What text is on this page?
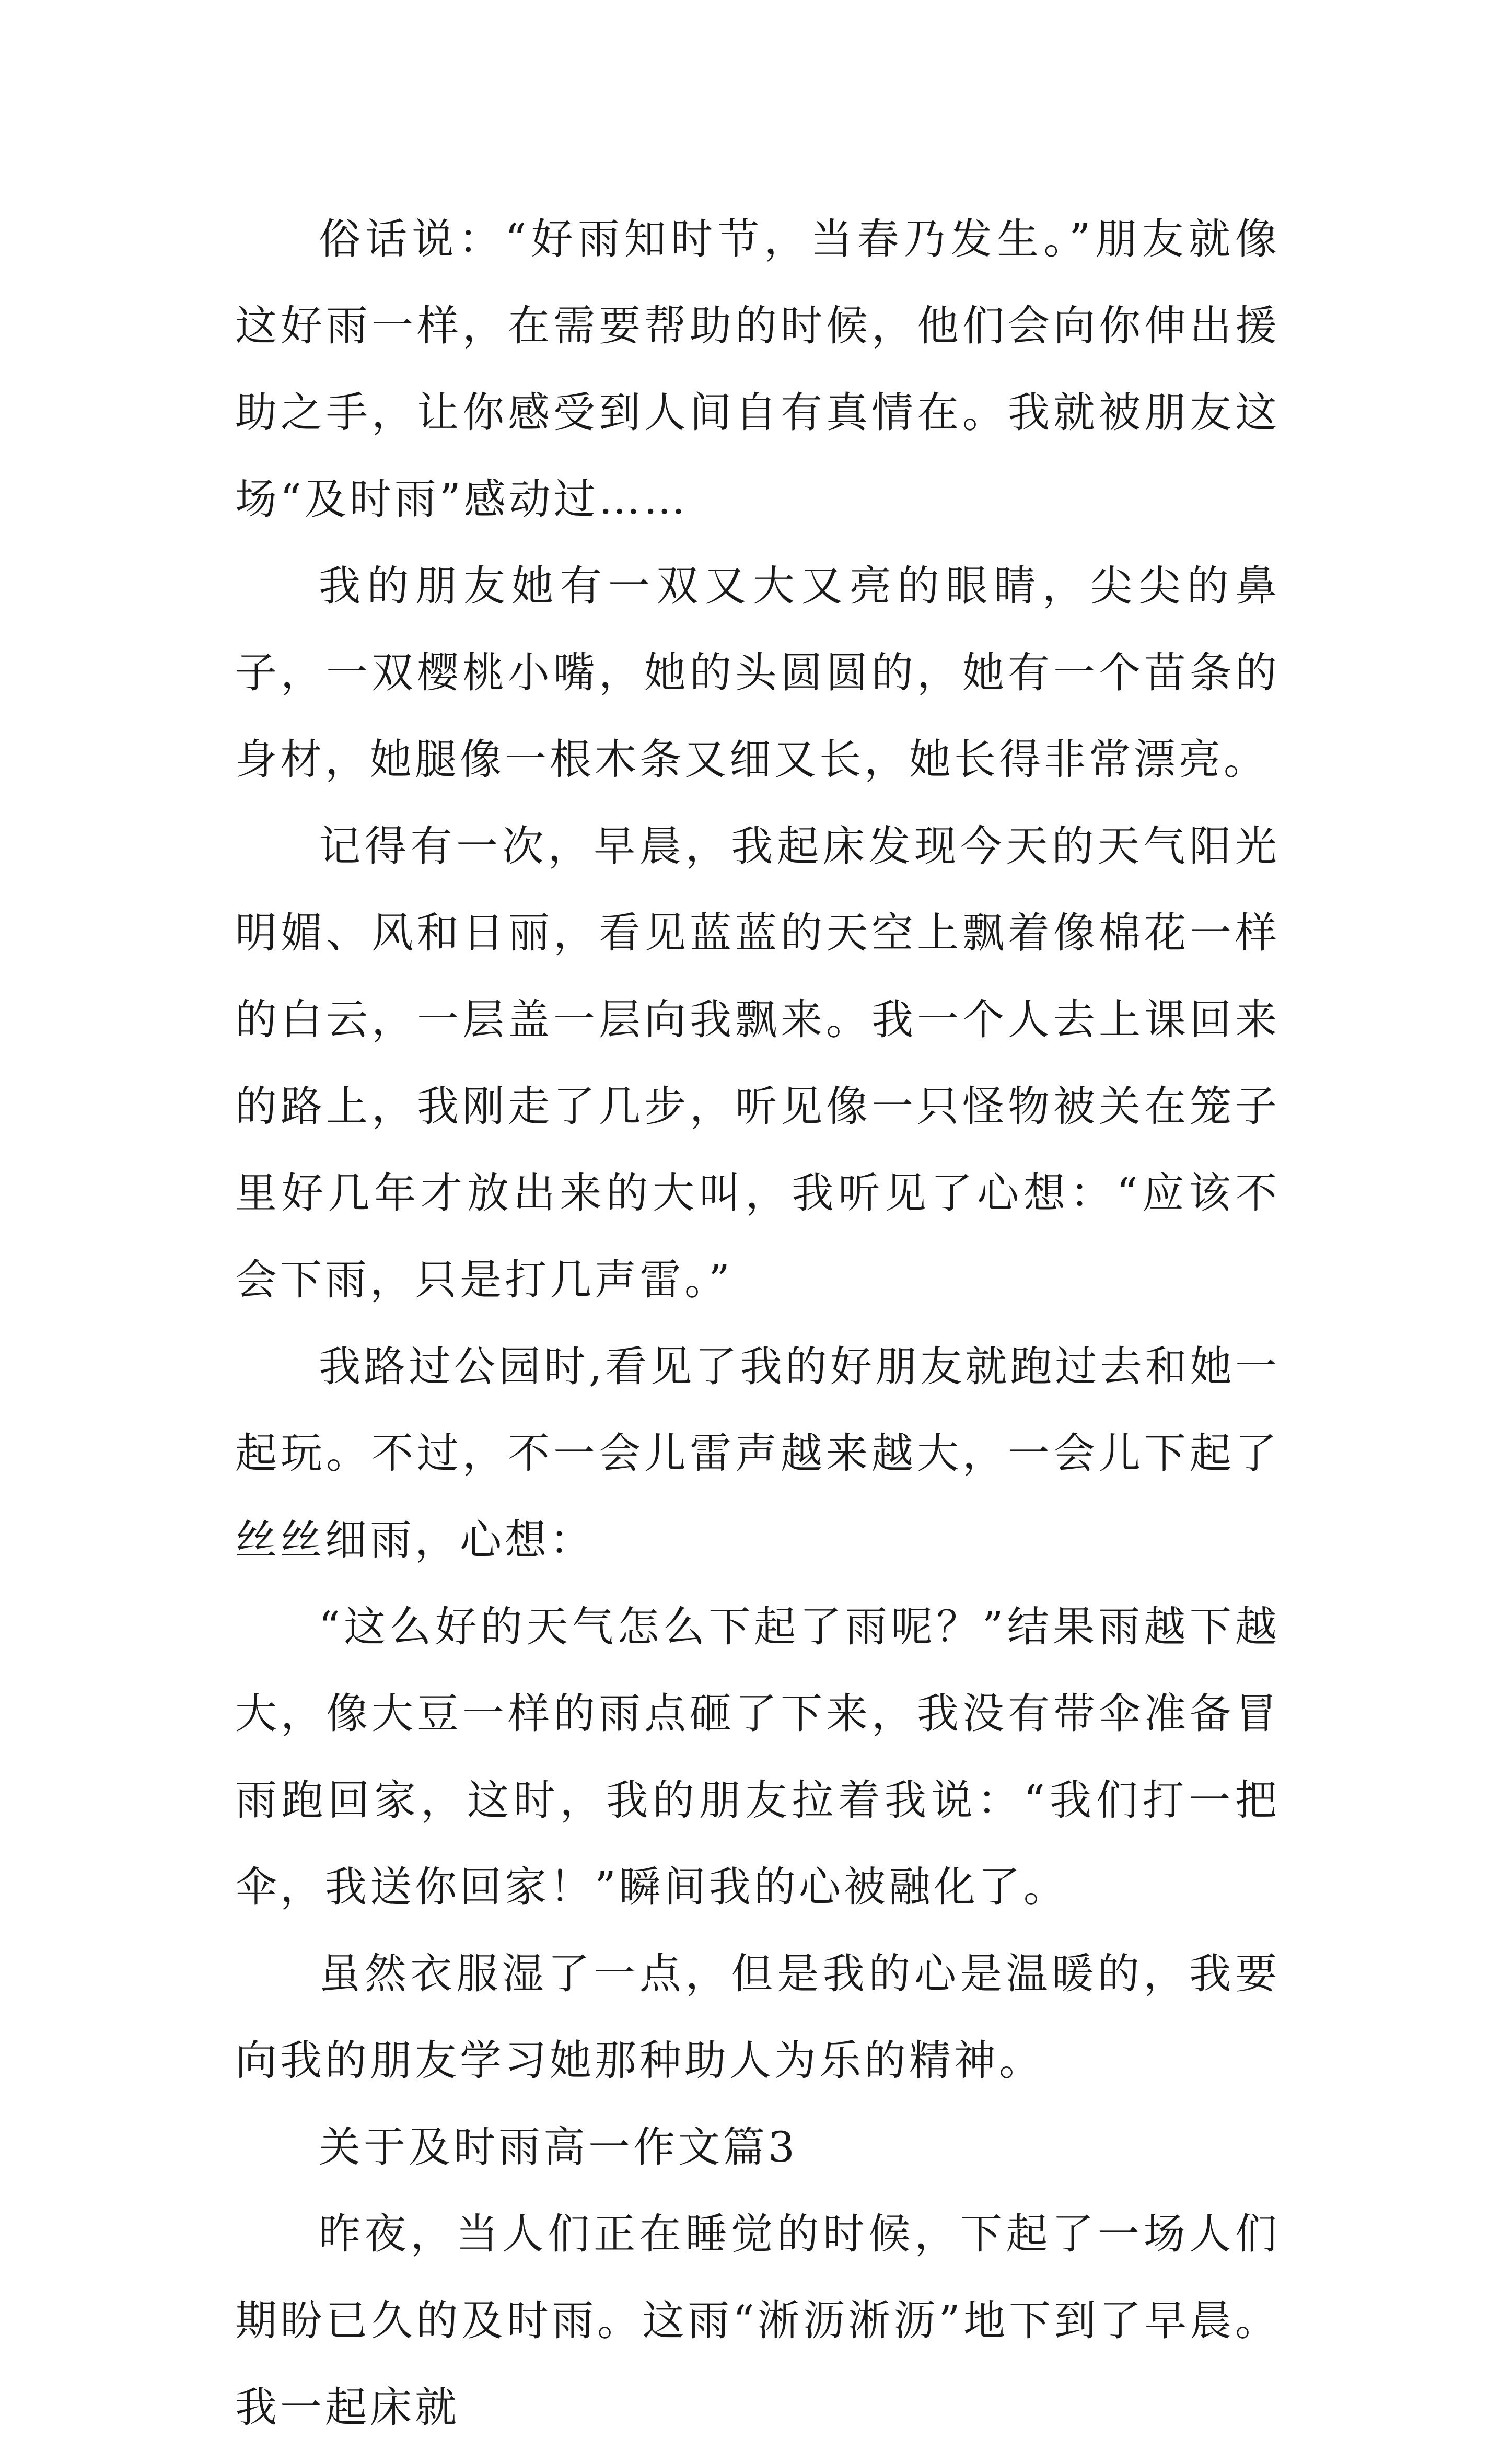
俗话说：“好雨知时节，当春乃发生。”朋友就像这好雨一样，在需要帮助的时候，他们会向你伸出援助之手，让你感受到人间自有真情在。我就被朋友这场“及时雨”感动过……

我的朋友她有一双又大又亮的眼睛，尖尖的鼻子，一双樱桃小嘴，她的头圆圆的，她有一个苗条的身材，她腿像一根木条又细又长，她长得非常漂亮。

记得有一次，早晨，我起床发现今天的天气阳光明媚、风和日丽，看见蓝蓝的天空上飘着像棉花一样的白云，一层盖一层向我飘来。我一个人去上课回来的路上，我刚走了几步，听见像一只怪物被关在笼子里好几年才放出来的大叫，我听见了心想：“应该不会下雨，只是打几声雷。”

我路过公园时,看见了我的好朋友就跑过去和她一起玩。不过，不一会儿雷声越来越大，一会儿下起了丝丝细雨，心想：

“这么好的天气怎么下起了雨呢？”结果雨越下越大，像大豆一样的雨点砸了下来，我没有带伞准备冒雨跑回家，这时，我的朋友拉着我说：“我们打一把伞，我送你回家！”瞬间我的心被融化了。

虽然衣服湿了一点，但是我的心是温暖的，我要向我的朋友学习她那种助人为乐的精神。

关于及时雨高一作文篇3

昨夜，当人们正在睡觉的时候，下起了一场人们期盼已久的及时雨。这雨“淅沥淅沥”地下到了早晨。我一起床就
